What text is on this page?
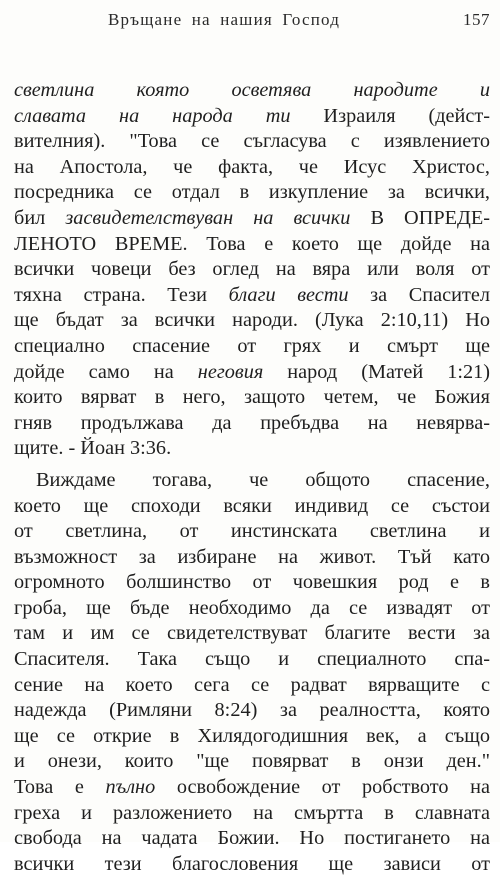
Връщане на нашия Господ	157
светлина която осветява народите и
славата на народа ти Израиля (дейст-
вителния). "Това се съгласува с изявлението
на Апостола, че факта, че Исус Христос,
посредника се отдал в изкупление за всички,
бил засвидетелствуван на всички В ОПРЕДЕ-
ЛЕНОТО ВРЕМЕ. Това е което ще дойде на
всички човеци без оглед на вяра или воля от
тяхна страна. Тези благи вести за Спасител
ще бъдат за всички народи. (Лука 2:10,11) Но
специално спасение от грях и смърт ще
дойде само на неговия народ (Матей 1:21)
които вярват в него, защото четем, че Божия
гняв продължава да пребъдва на невярва-
щите. - Йоан 3:36.
Виждаме тогава, че общото спасение,
което ще споходи всяки индивид се състои
от светлина, от инстинската светлина и
възможност за избиране на живот. Тъй като
огромното болшинство от човешкия род е в
гроба, ще бъде необходимо да се извадят от
там и им се свидетелствуват благите вести за
Спасителя. Така също и специалното спа-
сение на което сега се радват вярващите с
надежда (Римляни 8:24) за реалността, която
ще се открие в Хилядогодишния век, а също
и онези, които "ще повярват в онзи ден."
Това е пълно освобождение от робството на
греха и разложението на смъртта в славната
свобода на чадата Божии. Но постигането на
всички тези благословения ще зависи от
